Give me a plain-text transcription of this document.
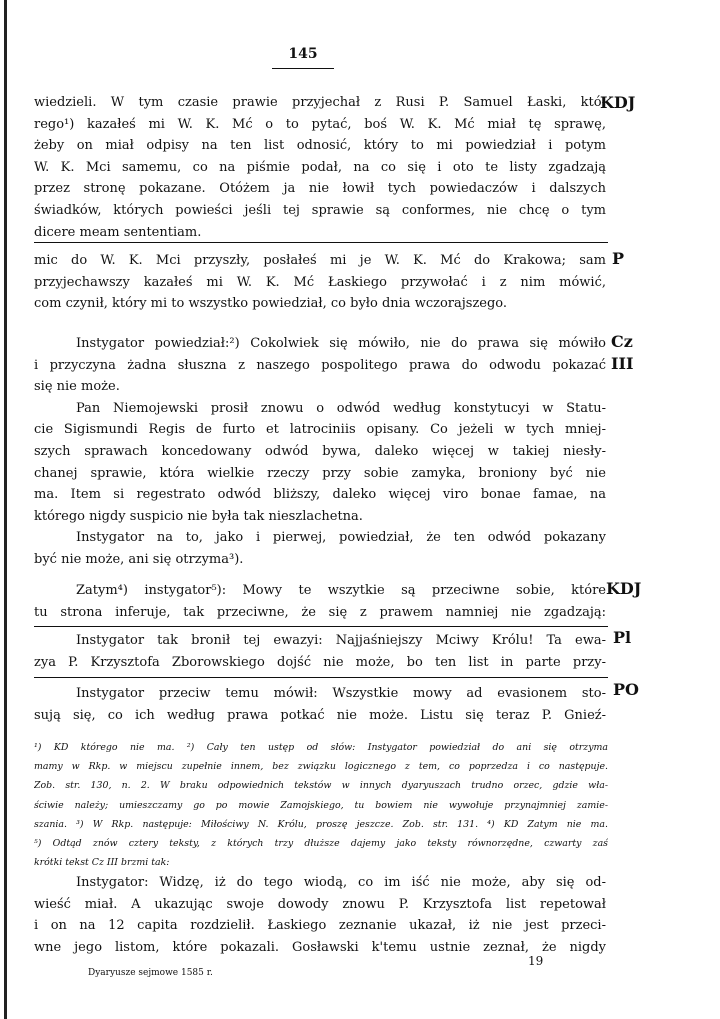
145
wiedzieli. W tym czasie prawie przyjechał z Rusi P. Samuel Łaski, któ-
rego¹) kazałeś mi W. K. Mć o to pytać, boś W. K. Mć miał tę sprawę,
żeby on miał odpisy na ten list odnosić, który to mi powiedział i potym
W. K. Mci samemu, co na piśmie podał, na co się i oto te listy zgadzają
przez stronę pokazane. Otóżem ja nie łowił tych powiedaczów i dalszych
świadków, których powieści jeśli tej sprawie są conformes, nie chcę o tym
dicere meam sententiam.
KDJ
mic do W. K. Mci przyszły, posłałeś mi je W. K. Mć do Krakowa; sam
przyjechawszy kazałeś mi W. K. Mć Łaskiego przywołać i z nim mówić,
com czynił, który mi to wszystko powiedział, co było dnia wczorajszego.
P
Instygator powiedział:²) Cokolwiek się mówiło, nie do prawa się mówiło
i przyczyna żadna słuszna z naszego pospolitego prawa do odwodu pokazać
się nie może.
Pan Niemojewski prosił znowu o odwód według konstytucyi w Statu-
cie Sigismundi Regis de furto et latrociniis opisany. Co jeżeli w tych mniej-
szych sprawach koncedowany odwód bywa, daleko więcej w takiej niesły-
chanej sprawie, która wielkie rzeczy przy sobie zamyka, broniony być nie
ma. Item si regestrato odwód bliższy, daleko więcej viro bonae famae, na
którego nigdy suspicio nie była tak nieszlachetna.
Instygator na to, jako i pierwej, powiedział, że ten odwód pokazany
być nie może, ani się otrzyma³).
Cz
III
Zatym⁴) instygator⁵): Mowy te wszytkie są przeciwne sobie, które
tu strona inferuje, tak przeciwne, że się z prawem namniej nie zgadzają:
KDJ
Instygator tak bronił tej ewazyi: Najjaśniejszy Mciwy Królu! Ta ewa-
zya P. Krzysztofa Zborowskiego dojść nie może, bo ten list in parte przy-
Pl
Instygator przeciw temu mówił: Wszystkie mowy ad evasionem sto-
sują się, co ich według prawa potkać nie może. Listu się teraz P. Gnieź-
PO
¹) KD którego nie ma. ²) Cały ten ustęp od słów: Instygator powiedział do ani się otrzyma
mamy w Rkp. w miejscu zupełnie innem, bez związku logicznego z tem, co poprzedza i co następuje.
Zob. str. 130, n. 2. W braku odpowiednich tekstów w innych dyaryuszach trudno orzec, gdzie wła-
ściwie należy; umieszczamy go po mowie Zamojskiego, tu bowiem nie wywołuje przynajmniej zamie-
szania. ³) W Rkp. następuje: Miłościwy N. Królu, proszę jeszcze. Zob. str. 131. ⁴) KD Zatym nie ma.
⁵) Odtąd znów cztery teksty, z których trzy dłuższe dajemy jako teksty równorzędne, czwarty zaś
krótki tekst Cz III brzmi tak:
Instygator: Widzę, iż do tego wiodą, co im iść nie może, aby się od-
wieść miał. A ukazując swoje dowody znowu P. Krzysztofa list repetował
i on na 12 capita rozdzielił. Łaskiego zeznanie ukazał, iż nie jest przeci-
wne jego listom, które pokazali. Gosławski k'temu ustnie zeznał, że nigdy
19
Dyaryusze sejmowe 1585 r.
